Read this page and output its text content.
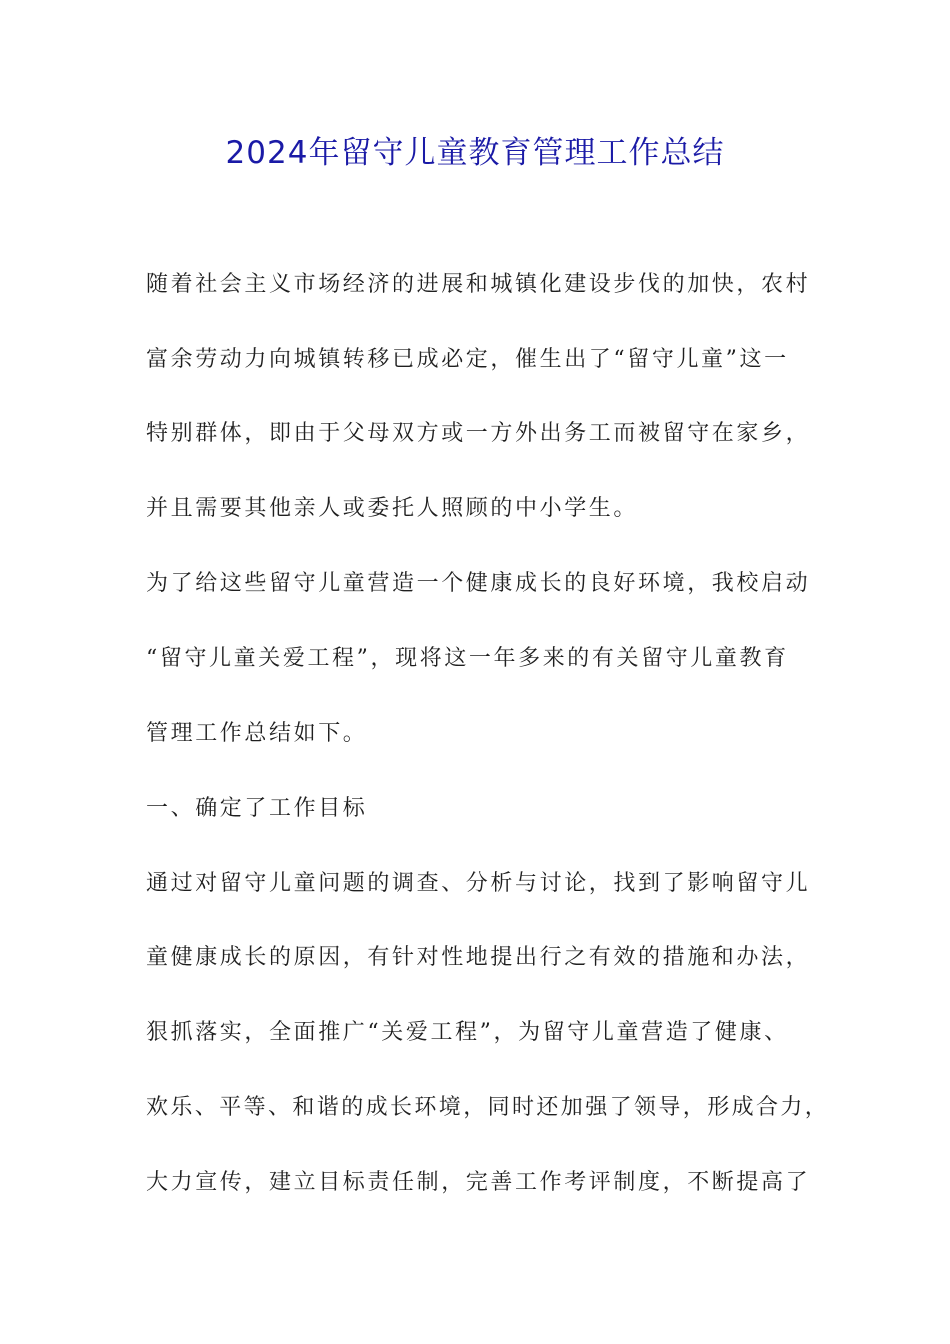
2024年留守儿童教育管理工作总结
随着社会主义市场经济的进展和城镇化建设步伐的加快，农村
富余劳动力向城镇转移已成必定，催生出了“留守儿童”这一
特别群体，即由于父母双方或一方外出务工而被留守在家乡，
并且需要其他亲人或委托人照顾的中小学生。
为了给这些留守儿童营造一个健康成长的良好环境，我校启动
“留守儿童关爱工程”，现将这一年多来的有关留守儿童教育
管理工作总结如下。
一、确定了工作目标
通过对留守儿童问题的调查、分析与讨论，找到了影响留守儿
童健康成长的原因，有针对性地提出行之有效的措施和办法，
狠抓落实，全面推广“关爱工程”，为留守儿童营造了健康、
欢乐、平等、和谐的成长环境，同时还加强了领导，形成合力，
大力宣传，建立目标责任制，完善工作考评制度，不断提高了
